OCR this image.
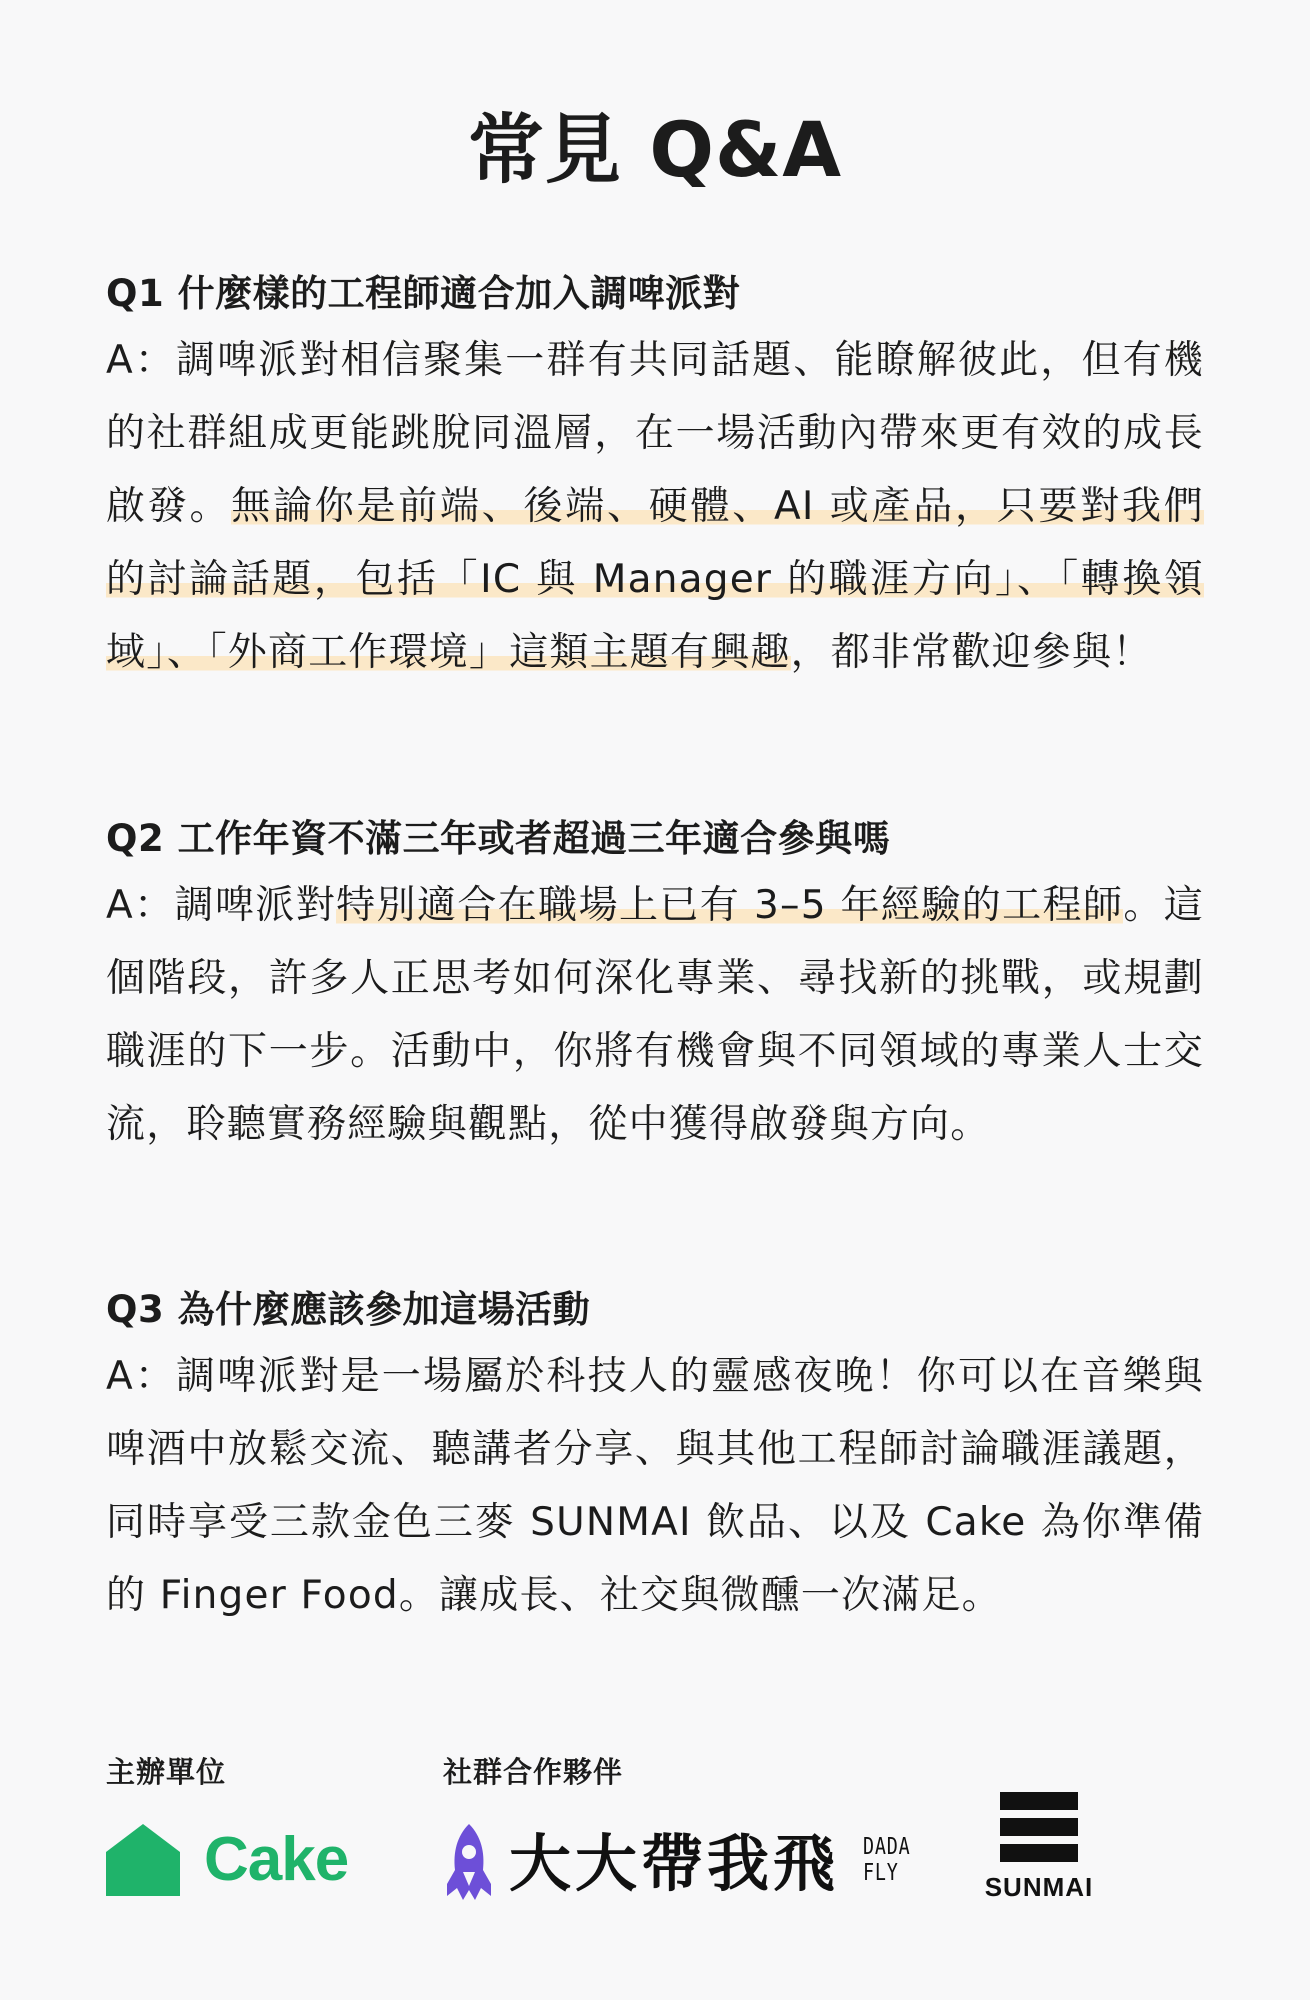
常見 Q&A

Q1 什麼樣的工程師適合加入調啤派對

A：調啤派對相信聚集一群有共同話題、能瞭解彼此，但有機的社群組成更能跳脫同溫層，在一場活動內帶來更有效的成長啟發。無論你是前端、後端、硬體、AI 或產品，只要對我們的討論話題，包括「IC 與 Manager 的職涯方向」、「轉換領域」、「外商工作環境」這類主題有興趣，都非常歡迎參與！

Q2 工作年資不滿三年或者超過三年適合參與嗎

A：調啤派對特別適合在職場上已有 3–5 年經驗的工程師。這個階段，許多人正思考如何深化專業、尋找新的挑戰，或規劃職涯的下一步。活動中，你將有機會與不同領域的專業人士交流，聆聽實務經驗與觀點，從中獲得啟發與方向。

Q3 為什麼應該參加這場活動

A：調啤派對是一場屬於科技人的靈感夜晚！你可以在音樂與啤酒中放鬆交流、聽講者分享、與其他工程師討論職涯議題，同時享受三款金色三麥 SUNMAI 飲品、以及 Cake 為你準備的 Finger Food。讓成長、社交與微醺一次滿足。

主辦單位	社群合作夥伴
Cake	大大帶我飛 DADA
FLY	SUNMAI
